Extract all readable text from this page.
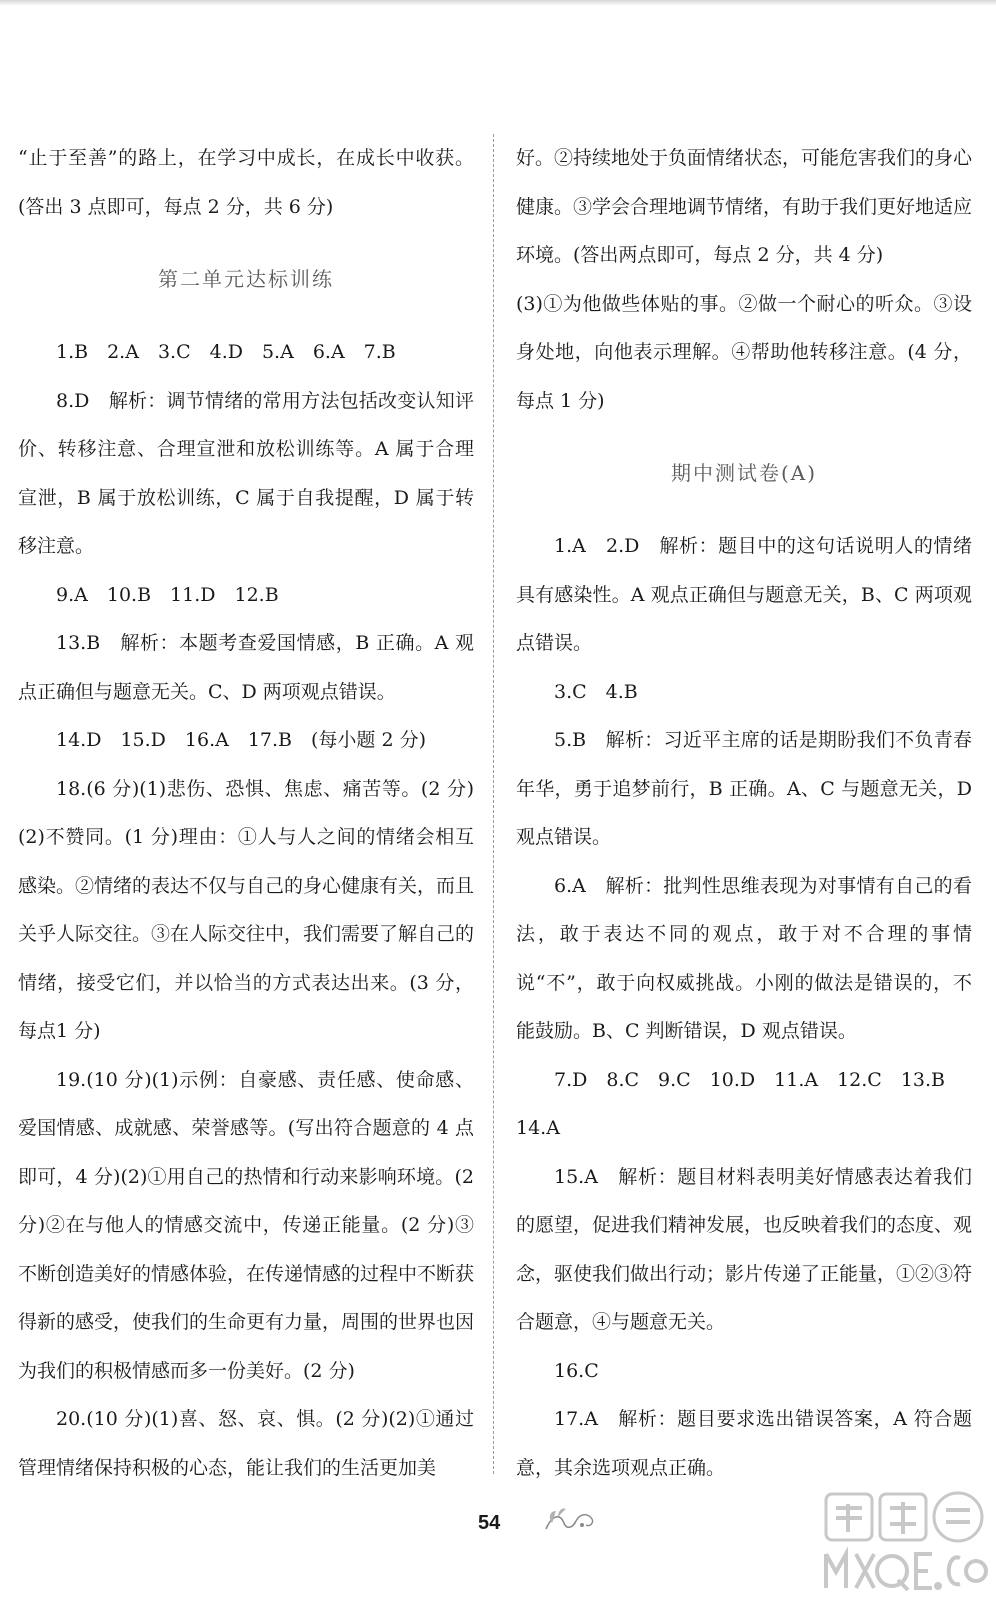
“止于至善”的路上，在学习中成长，在成长中收获。(答出 3 点即可，每点 2 分，共 6 分)

第二单元达标训练

1.B　2.A　3.C　4.D　5.A　6.A　7.B

8.D　解析：调节情绪的常用方法包括改变认知评价、转移注意、合理宣泄和放松训练等。A 属于合理宣泄，B 属于放松训练，C 属于自我提醒，D 属于转移注意。

9.A　10.B　11.D　12.B

13.B　解析：本题考查爱国情感，B 正确。A 观点正确但与题意无关。C、D 两项观点错误。

14.D　15.D　16.A　17.B　(每小题 2 分)

18.(6 分)(1)悲伤、恐惧、焦虑、痛苦等。(2 分)(2)不赞同。(1 分)理由：①人与人之间的情绪会相互感染。②情绪的表达不仅与自己的身心健康有关，而且关乎人际交往。③在人际交往中，我们需要了解自己的情绪，接受它们，并以恰当的方式表达出来。(3 分，每点1 分)

19.(10 分)(1)示例：自豪感、责任感、使命感、爱国情感、成就感、荣誉感等。(写出符合题意的 4 点即可，4 分)(2)①用自己的热情和行动来影响环境。(2 分)②在与他人的情感交流中，传递正能量。(2 分)③不断创造美好的情感体验，在传递情感的过程中不断获得新的感受，使我们的生命更有力量，周围的世界也因为我们的积极情感而多一份美好。(2 分)

20.(10 分)(1)喜、怒、哀、惧。(2 分)(2)①通过管理情绪保持积极的心态，能让我们的生活更加美

好。②持续地处于负面情绪状态，可能危害我们的身心健康。③学会合理地调节情绪，有助于我们更好地适应环境。(答出两点即可，每点 2 分，共 4 分)

(3)①为他做些体贴的事。②做一个耐心的听众。③设身处地，向他表示理解。④帮助他转移注意。(4 分，每点 1 分)

期中测试卷(A)

1.A　2.D　解析：题目中的这句话说明人的情绪具有感染性。A 观点正确但与题意无关，B、C 两项观点错误。

3.C　4.B

5.B　解析：习近平主席的话是期盼我们不负青春年华，勇于追梦前行，B 正确。A、C 与题意无关，D 观点错误。

6.A　解析：批判性思维表现为对事情有自己的看法，敢于表达不同的观点，敢于对不合理的事情说“不”，敢于向权威挑战。小刚的做法是错误的，不能鼓励。B、C 判断错误，D 观点错误。

7.D　8.C　9.C　10.D　11.A　12.C　13.B

14.A

15.A　解析：题目材料表明美好情感表达着我们的愿望，促进我们精神发展，也反映着我们的态度、观念，驱使我们做出行动；影片传递了正能量，①②③符合题意，④与题意无关。

16.C

17.A　解析：题目要求选出错误答案，A 符合题意，其余选项观点正确。

54
